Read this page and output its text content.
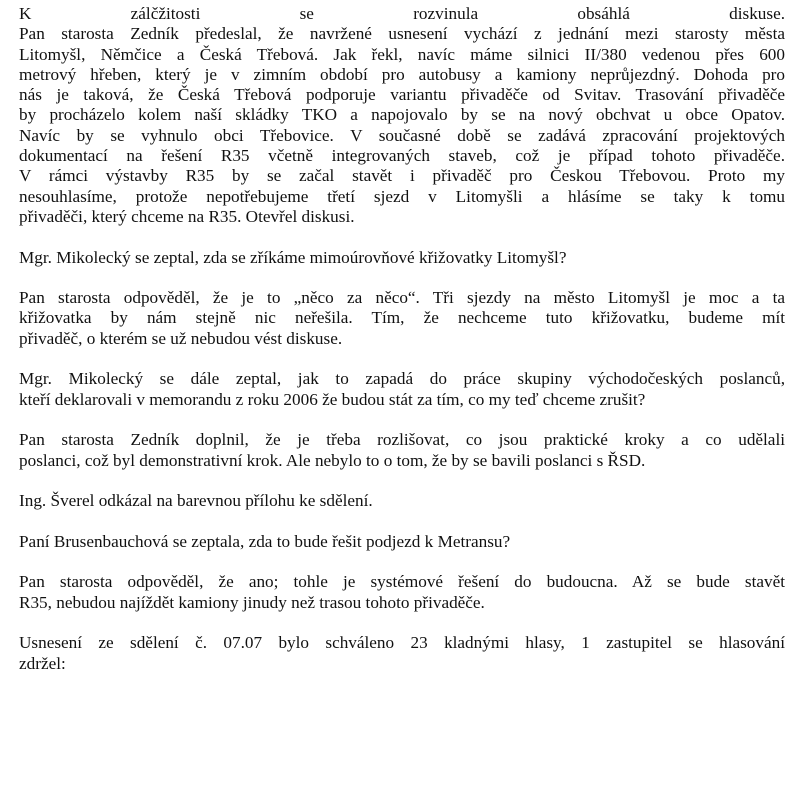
K zálčžitosti se rozvinula obsáhlá diskuse.
Pan starosta Zedník předeslal, že navržené usnesení vychází z jednání mezi starosty města
Litomyšl, Němčice a Česká Třebová. Jak řekl, navíc máme silnici II/380 vedenou přes 600
metrový hřeben, který je v zimním období pro autobusy a kamiony neprůjezdný. Dohoda pro
nás je taková, že Česká Třebová podporuje variantu přivaděče od Svitav. Trasování přivaděče
by procházelo kolem naší skládky TKO a napojovalo by se na nový obchvat u obce Opatov.
Navíc by se vyhnulo obci Třebovice. V současné době se zadává zpracování projektových
dokumentací na řešení R35 včetně integrovaných staveb, což je případ tohoto přivaděče.
V rámci výstavby R35 by se začal stavět i přivaděč pro Českou Třebovou. Proto my
nesouhlasíme, protože nepotřebujeme třetí sjezd v Litomyšli a hlásíme se taky k tomu
přivaděči, který chceme na R35. Otevřel diskusi.
Mgr. Mikolecký se zeptal, zda se zříkáme mimoúrovňové křižovatky Litomyšl?
Pan starosta odpověděl, že je to „něco za něco“. Tři sjezdy na město Litomyšl je moc a ta
křižovatka by nám stejně nic neřešila. Tím, že nechceme tuto křižovatku, budeme mít
přivaděč, o kterém se už nebudou vést diskuse.
Mgr. Mikolecký se dále zeptal, jak to zapadá do práce skupiny východočeských poslanců,
kteří deklarovali v memorandu z roku 2006 že budou stát za tím, co my teď chceme zrušit?
Pan starosta Zedník doplnil, že je třeba rozlišovat, co jsou praktické kroky a co udělali
poslanci, což byl demonstrativní krok. Ale nebylo to o tom, že by se bavili poslanci s ŘSD.
Ing. Šverel odkázal na barevnou přílohu ke sdělení.
Paní Brusenbauchová se zeptala, zda to bude řešit podjezd k Metransu?
Pan starosta odpověděl, že ano; tohle je systémové řešení do budoucna. Až se bude stavět
R35, nebudou najíždět kamiony jinudy než trasou tohoto přivaděče.
Usnesení ze sdělení č. 07.07 bylo schváleno 23 kladnými hlasy, 1 zastupitel se hlasování
zdržel:
